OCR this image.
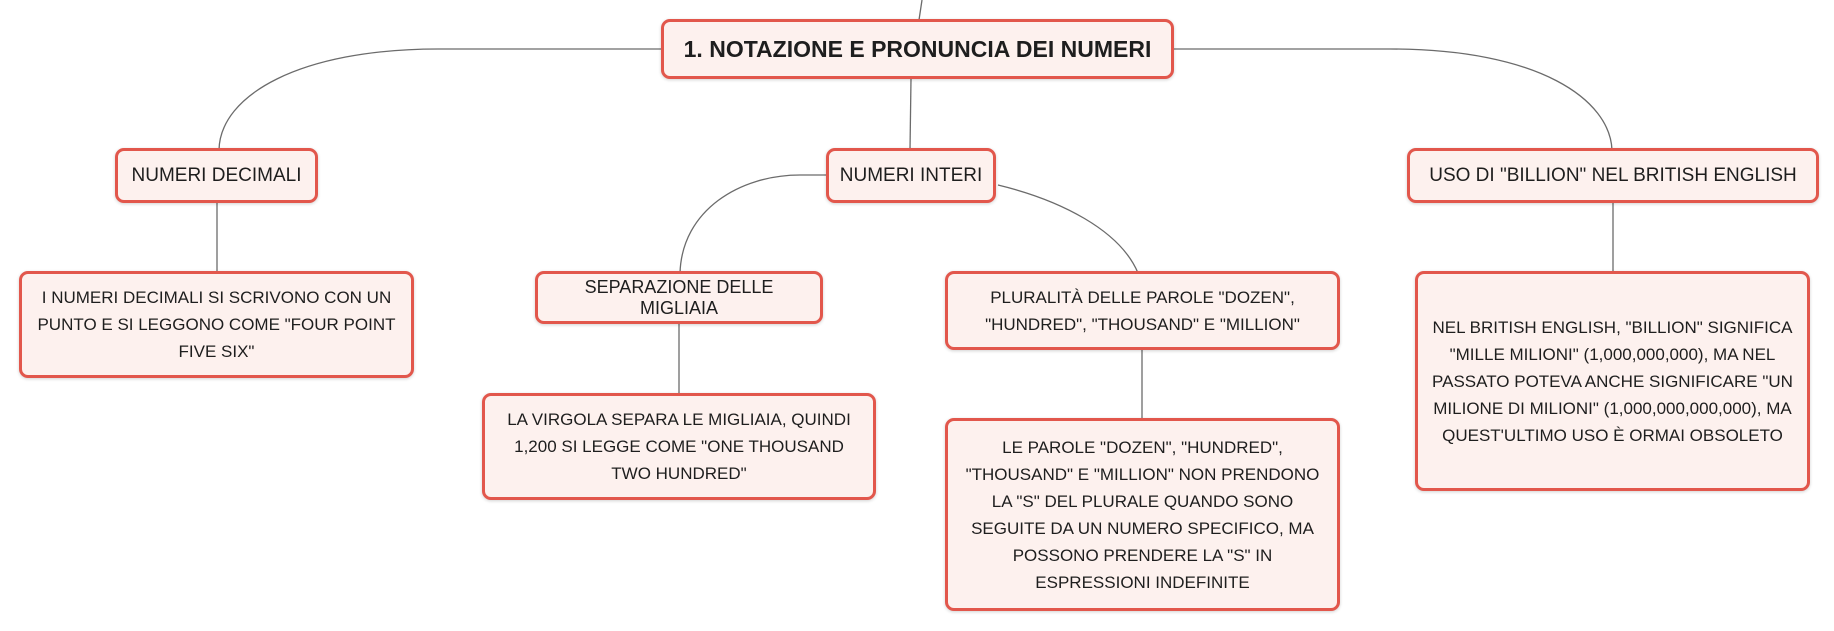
1. NOTAZIONE E PRONUNCIA DEI NUMERI
NUMERI DECIMALI	NUMERI INTERI	USO DI "BILLION" NEL BRITISH ENGLISH
I NUMERI DECIMALI SI SCRIVONO CON UN PUNTO E SI LEGGONO COME "FOUR POINT FIVE SIX"
SEPARAZIONE DELLE MIGLIAIA
PLURALITÀ DELLE PAROLE "DOZEN", "HUNDRED", "THOUSAND" E "MILLION"
LA VIRGOLA SEPARA LE MIGLIAIA, QUINDI 1,200 SI LEGGE COME "ONE THOUSAND TWO HUNDRED"
LE PAROLE "DOZEN", "HUNDRED", "THOUSAND" E "MILLION" NON PRENDONO LA "S" DEL PLURALE QUANDO SONO SEGUITE DA UN NUMERO SPECIFICO, MA POSSONO PRENDERE LA "S" IN ESPRESSIONI INDEFINITE
NEL BRITISH ENGLISH, "BILLION" SIGNIFICA "MILLE MILIONI" (1,000,000,000), MA NEL PASSATO POTEVA ANCHE SIGNIFICARE "UN MILIONE DI MILIONI" (1,000,000,000,000), MA QUEST'ULTIMO USO È ORMAI OBSOLETO
